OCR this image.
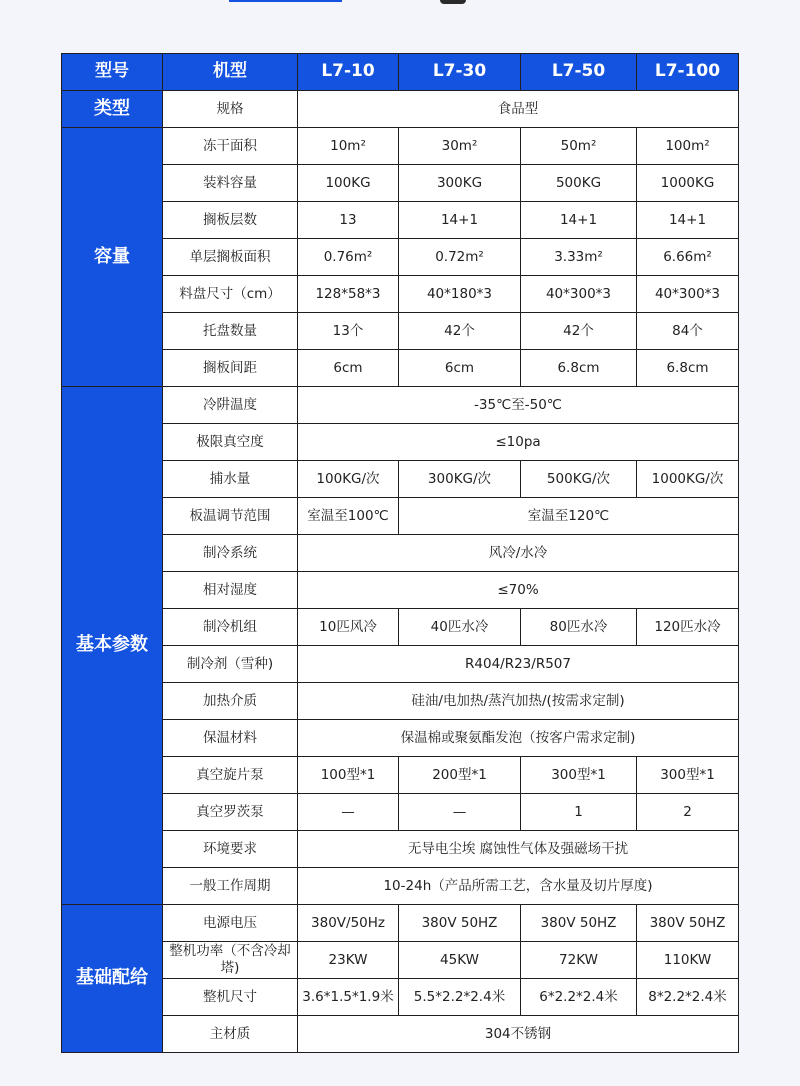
型号	机型	L7-10	L7-30	L7-50	L7-100
类型	规格	食品型			
容量	冻干面积	10m²	30m²	50m²	100m²
	装料容量	100KG	300KG	500KG	1000KG
	搁板层数	13	14+1	14+1	14+1
	单层搁板面积	0.76m²	0.72m²	3.33m²	6.66m²
	料盘尺寸（cm）	128*58*3	40*180*3	40*300*3	40*300*3
	托盘数量	13个	42个	42个	84个
	搁板间距	6cm	6cm	6.8cm	6.8cm
基本参数	冷阱温度	-35℃至-50℃			
	极限真空度	≤10pa			
	捕水量	100KG/次	300KG/次	500KG/次	1000KG/次
	板温调节范围	室温至100℃	室温至120℃		
	制冷系统	风冷/水冷			
	相对湿度	≤70%			
	制冷机组	10匹风冷	40匹水冷	80匹水冷	120匹水冷
	制冷剂（雪种)	R404/R23/R507			
	加热介质	硅油/电加热/蒸汽加热/(按需求定制)			
	保温材料	保温棉或聚氨酯发泡（按客户需求定制)			
	真空旋片泵	100型*1	200型*1	300型*1	300型*1
	真空罗茨泵	—	—	1	2
	环境要求	无导电尘埃 腐蚀性气体及强磁场干扰			
	一般工作周期	10-24h（产品所需工艺，含水量及切片厚度)			
基础配给	电源电压	380V/50Hz	380V 50HZ	380V 50HZ	380V 50HZ
	整机功率（不含冷却塔)	23KW	45KW	72KW	110KW
	整机尺寸	3.6*1.5*1.9米	5.5*2.2*2.4米	6*2.2*2.4米	8*2.2*2.4米
	主材质	304不锈钢			
